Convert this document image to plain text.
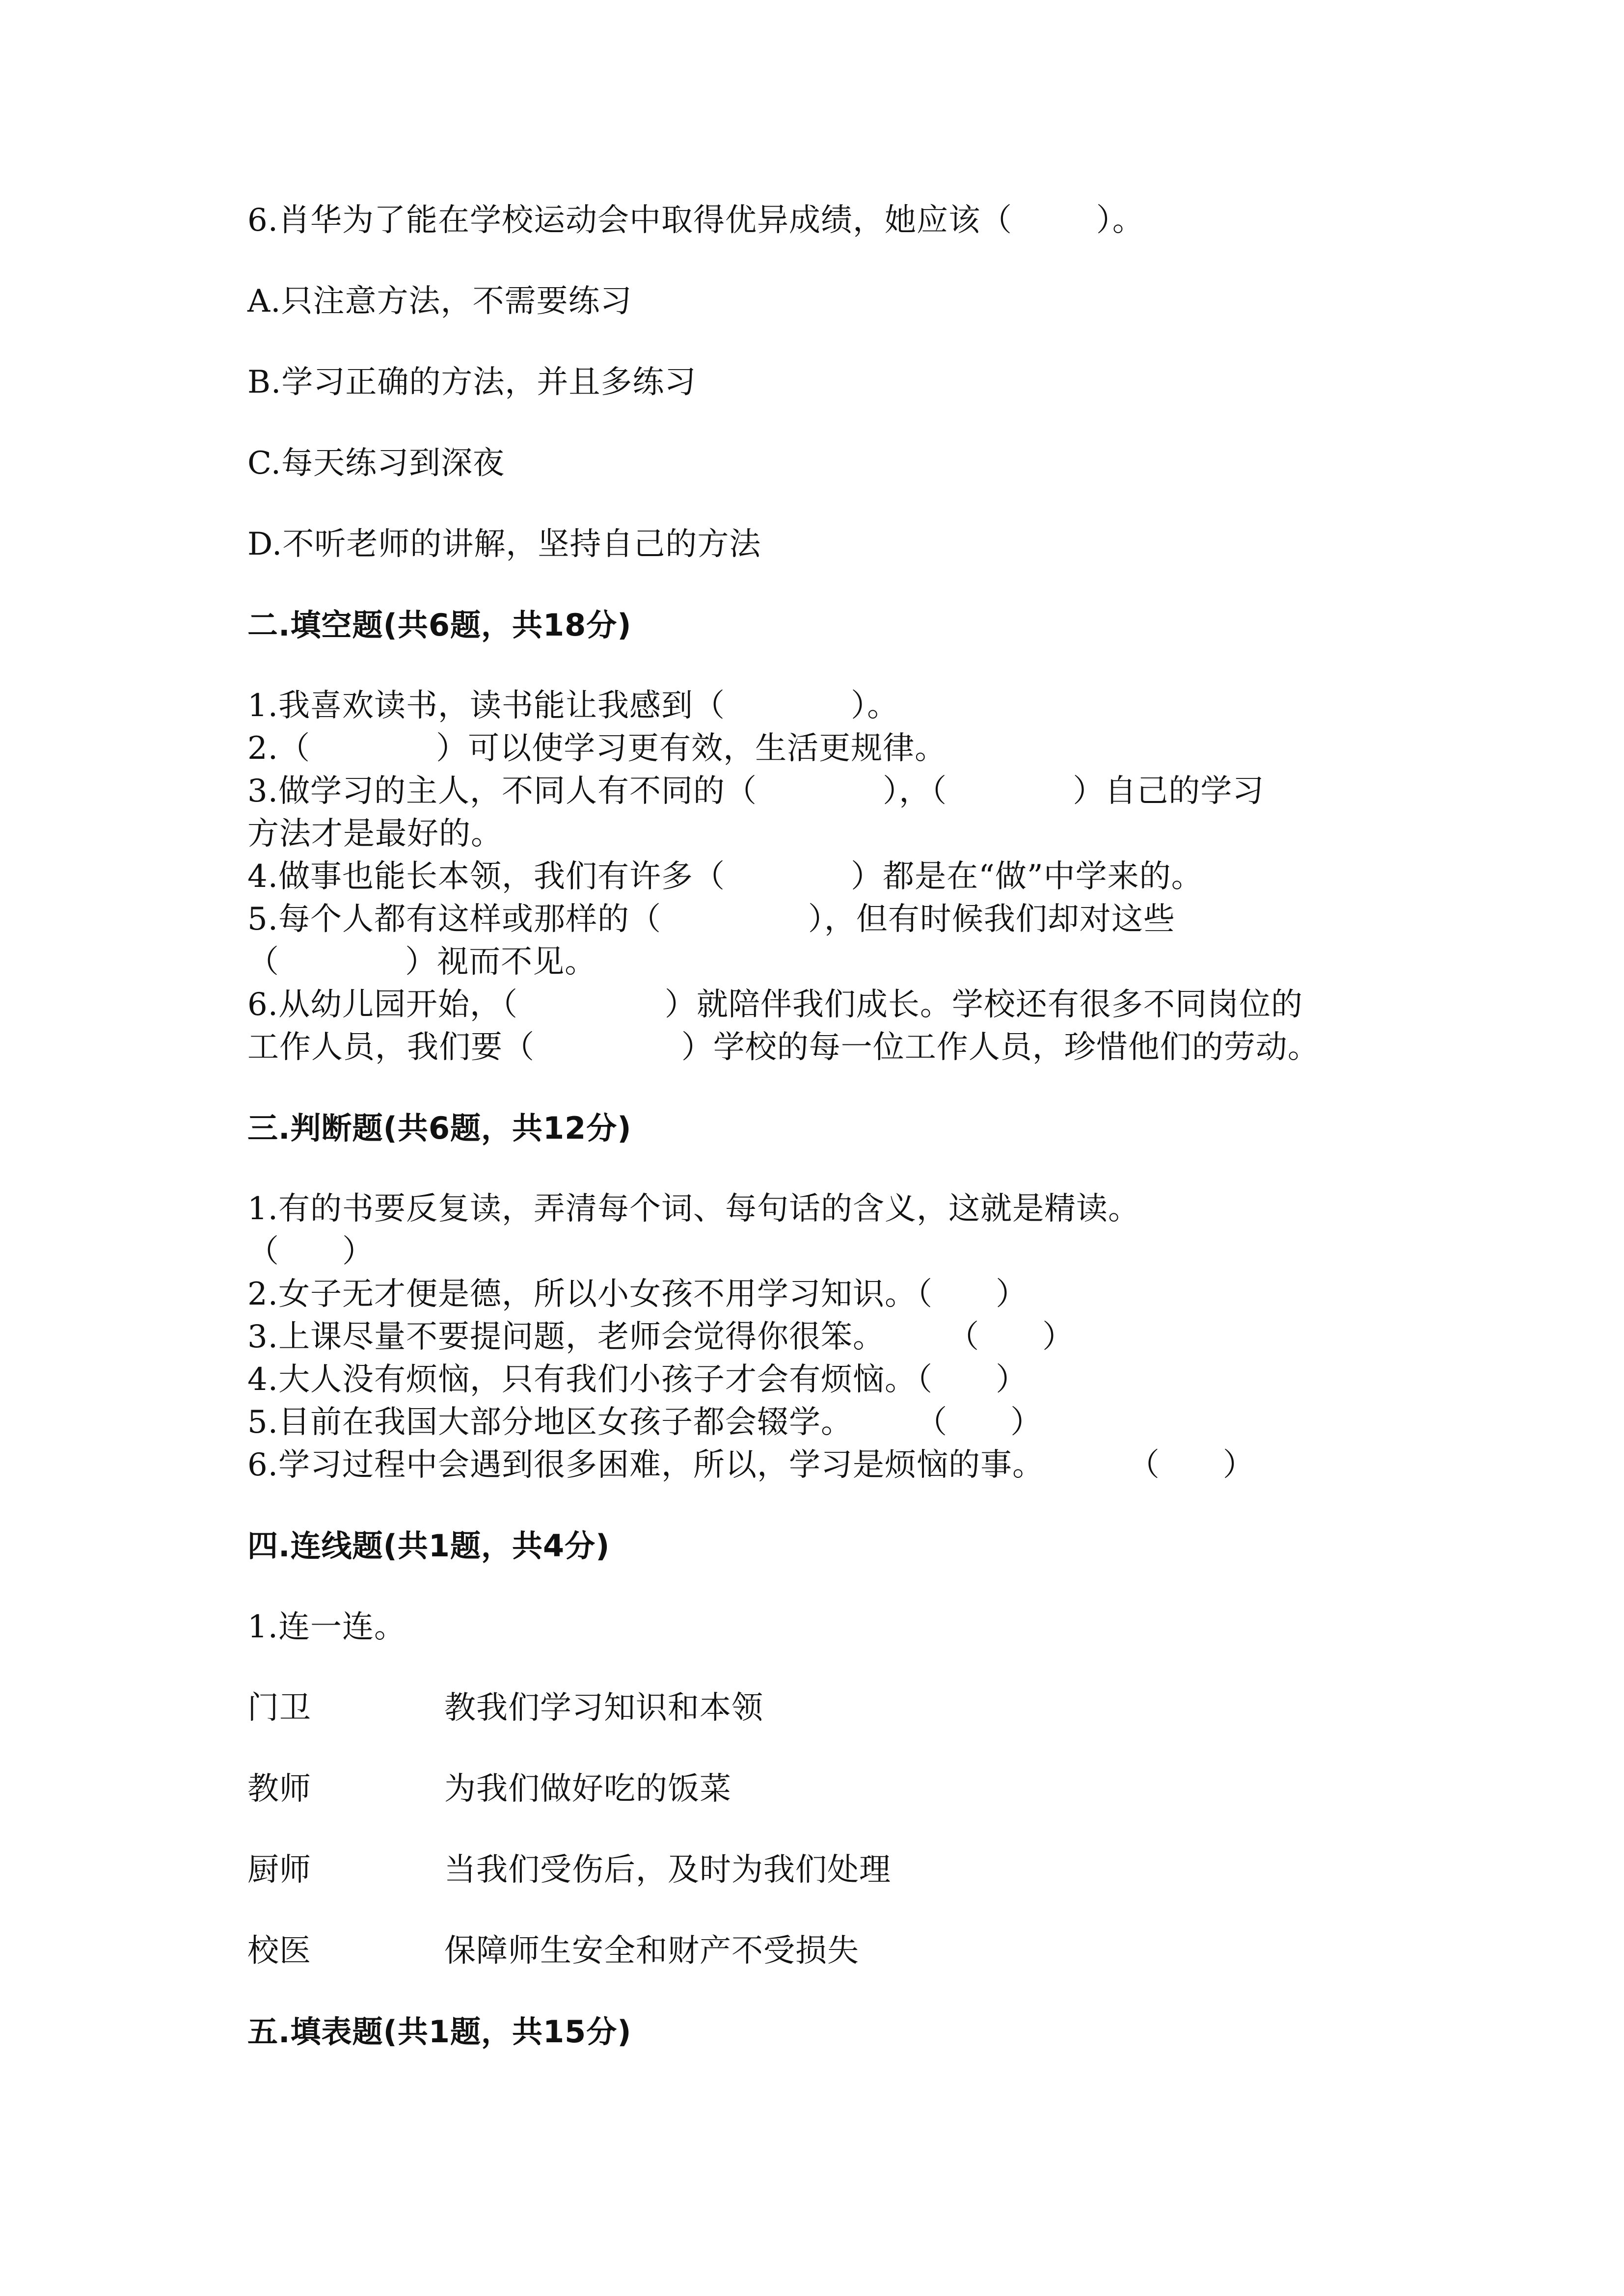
6.肖华为了能在学校运动会中取得优异成绩，她应该（        ）。
A.只注意方法，不需要练习
B.学习正确的方法，并且多练习
C.每天练习到深夜
D.不听老师的讲解，坚持自己的方法
二.填空题(共6题，共18分)
1.我喜欢读书，读书能让我感到（            ）。
2.（            ）可以使学习更有效，生活更规律。
3.做学习的主人，不同人有不同的（            ），（            ）自己的学习
方法才是最好的。
4.做事也能长本领，我们有许多（            ）都是在“做”中学来的。
5.每个人都有这样或那样的（              ），但有时候我们却对这些
（            ）视而不见。
6.从幼儿园开始，（              ）就陪伴我们成长。学校还有很多不同岗位的
工作人员，我们要（              ）学校的每一位工作人员，珍惜他们的劳动。
三.判断题(共6题，共12分)
1.有的书要反复读，弄清每个词、每句话的含义，这就是精读。
（      ）
2.女子无才便是德，所以小女孩不用学习知识。（      ）
3.上课尽量不要提问题，老师会觉得你很笨。      （      ）
4.大人没有烦恼，只有我们小孩子才会有烦恼。（      ）
5.目前在我国大部分地区女孩子都会辍学。      （      ）
6.学习过程中会遇到很多困难，所以，学习是烦恼的事。        （      ）
四.连线题(共1题，共4分)
1.连一连。
门卫	教我们学习知识和本领
教师	为我们做好吃的饭菜
厨师	当我们受伤后，及时为我们处理
校医	保障师生安全和财产不受损失
五.填表题(共1题，共15分)
